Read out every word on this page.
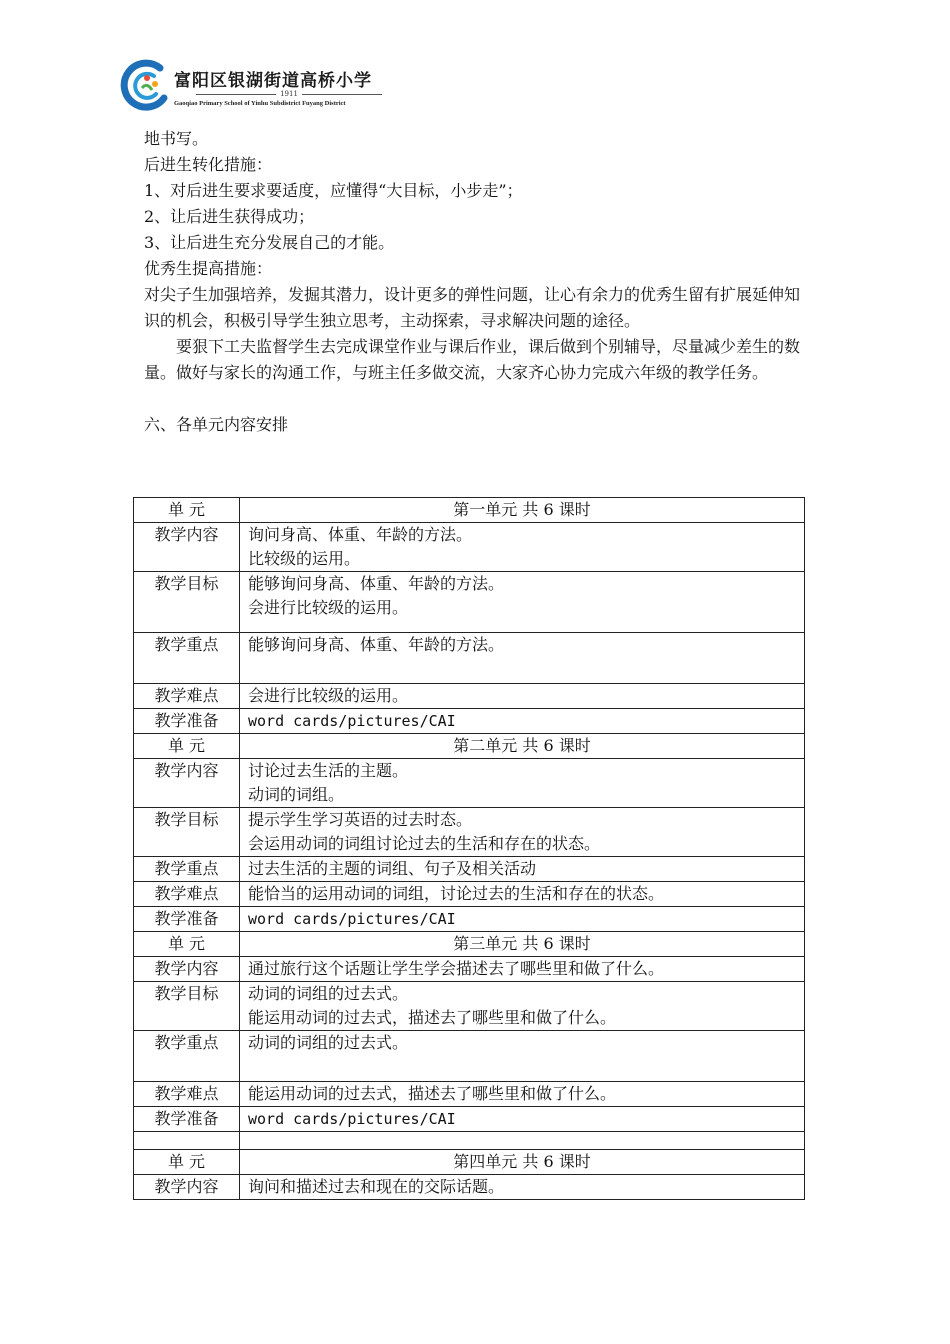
富阳区银湖街道高桥小学
1911
Gaoqiao Primary School of Yinhu Subdistrict Fuyang District

地书写。

后进生转化措施：

1、对后进生要求要适度，应懂得“大目标，小步走”；

2、让后进生获得成功；

3、让后进生充分发展自己的才能。

优秀生提高措施：

对尖子生加强培养，发掘其潜力，设计更多的弹性问题，让心有余力的优秀生留有扩展延伸知识的机会，积极引导学生独立思考，主动探索，寻求解决问题的途径。

要狠下工夫监督学生去完成课堂作业与课后作业，课后做到个别辅导，尽量减少差生的数量。做好与家长的沟通工作，与班主任多做交流，大家齐心协力完成六年级的教学任务。

六、各单元内容安排

单 元	第一单元 共 6 课时
教学内容	询问身高、体重、年龄的方法。
比较级的运用。

教学目标	能够询问身高、体重、年龄的方法。
会进行比较级的运用。

教学重点	能够询问身高、体重、年龄的方法。

教学难点	会进行比较级的运用。

教学准备	word cards/pictures/CAI
单 元	第二单元 共 6 课时
教学内容	讨论过去生活的主题。
动词的词组。

教学目标	提示学生学习英语的过去时态。
会运用动词的词组讨论过去的生活和存在的状态。

教学重点	过去生活的主题的词组、句子及相关活动
教学难点	能恰当的运用动词的词组，讨论过去的生活和存在的状态。
教学准备	word cards/pictures/CAI
单 元	第三单元 共 6 课时
教学内容	通过旅行这个话题让学生学会描述去了哪些里和做了什么。
教学目标	动词的词组的过去式。
能运用动词的过去式，描述去了哪些里和做了什么。

教学重点	动词的词组的过去式。

教学难点	能运用动词的过去式，描述去了哪些里和做了什么。
教学准备	word cards/pictures/CAI

单 元	第四单元 共 6 课时
教学内容	询问和描述过去和现在的交际话题。
